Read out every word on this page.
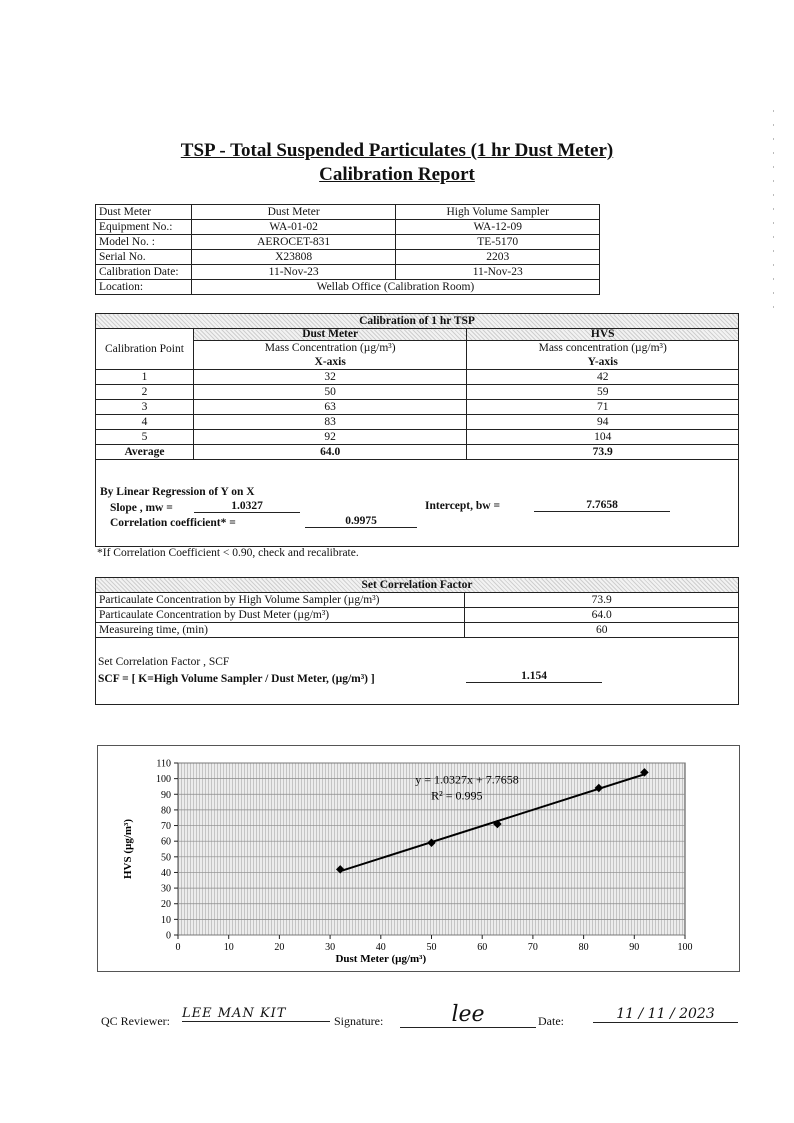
TSP - Total Suspended Particulates (1 hr Dust Meter)
Calibration Report
Dust Meter	Dust Meter	High Volume Sampler
Equipment No.:	WA-01-02	WA-12-09
Model No. :	AEROCET-831	TE-5170
Serial No.	X23808	2203
Calibration Date:	11-Nov-23	11-Nov-23
Location:	Wellab Office (Calibration Room)	
Calibration of 1 hr TSP		
Calibration Point	Dust Meter	HVS
	Mass Concentration (µg/m³)	Mass concentration (µg/m³)
	X-axis	Y-axis
1	32	42
2	50	59
3	63	71
4	83	94
5	92	104
Average	64.0	73.9
By Linear Regression of Y on X
Slope , mw =	1.0327	Intercept, bw =	7.7658
Correlation coefficient* =	0.9975
*If Correlation Coefficient < 0.90, check and recalibrate.
Set Correlation Factor	
Particaulate Concentration by High Volume Sampler (µg/m³)	73.9
Particaulate Concentration by Dust Meter (µg/m³)	64.0
Measureing time, (min)	60
Set Correlation Factor , SCF
SCF = [ K=High Volume Sampler / Dust Meter, (µg/m³) ]	1.154
0
10
20
30
40
50
60
70
80
90
100
110
0	10	20	30	40	50	60	70	80	90	100
y = 1.0327x + 7.7658
R² = 0.995
Dust Meter (µg/m³)
HVS (µg/m³)
QC Reviewer: LEE MAN KIT	Signature:	lee	Date:	11 / 11 / 2023
